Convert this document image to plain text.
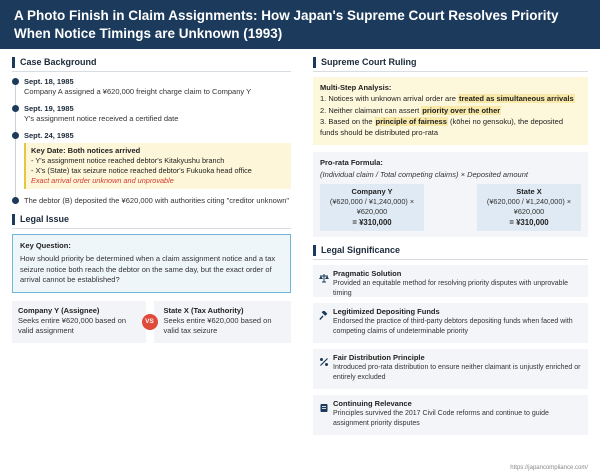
A Photo Finish in Claim Assignments: How Japan's Supreme Court Resolves Priority When Notice Timings are Unknown (1993)
Case Background
Sept. 18, 1985
Company A assigned a ¥620,000 freight charge claim to Company Y
Sept. 19, 1985
Y's assignment notice received a certified date
Sept. 24, 1985
Key Date: Both notices arrived
- Y's assignment notice reached debtor's Kitakyushu branch
- X's (State) tax seizure notice reached debtor's Fukuoka head office
Exact arrival order unknown and unprovable
The debtor (B) deposited the ¥620,000 with authorities citing "creditor unknown"
Legal Issue
Key Question:
How should priority be determined when a claim assignment notice and a tax seizure notice both reach the debtor on the same day, but the exact order of arrival cannot be established?
Company Y (Assignee)
Seeks entire ¥620,000 based on valid assignment
VS
State X (Tax Authority)
Seeks entire ¥620,000 based on valid tax seizure
Supreme Court Ruling
Multi-Step Analysis:
1. Notices with unknown arrival order are treated as simultaneous arrivals
2. Neither claimant can assert priority over the other
3. Based on the principle of fairness (kōhei no gensoku), the deposited funds should be distributed pro-rata
Pro-rata Formula:
(Individual claim / Total competing claims) × Deposited amount
Company Y
(¥620,000 / ¥1,240,000) ×
¥620,000
= ¥310,000
State X
(¥620,000 / ¥1,240,000) ×
¥620,000
= ¥310,000
Legal Significance
Pragmatic Solution
Provided an equitable method for resolving priority disputes with unprovable timing
Legitimized Depositing Funds
Endorsed the practice of third-party debtors depositing funds when faced with competing claims of undeterminable priority
Fair Distribution Principle
Introduced pro-rata distribution to ensure neither claimant is unjustly enriched or entirely excluded
Continuing Relevance
Principles survived the 2017 Civil Code reforms and continue to guide assignment priority disputes
https://japancompliance.com/
